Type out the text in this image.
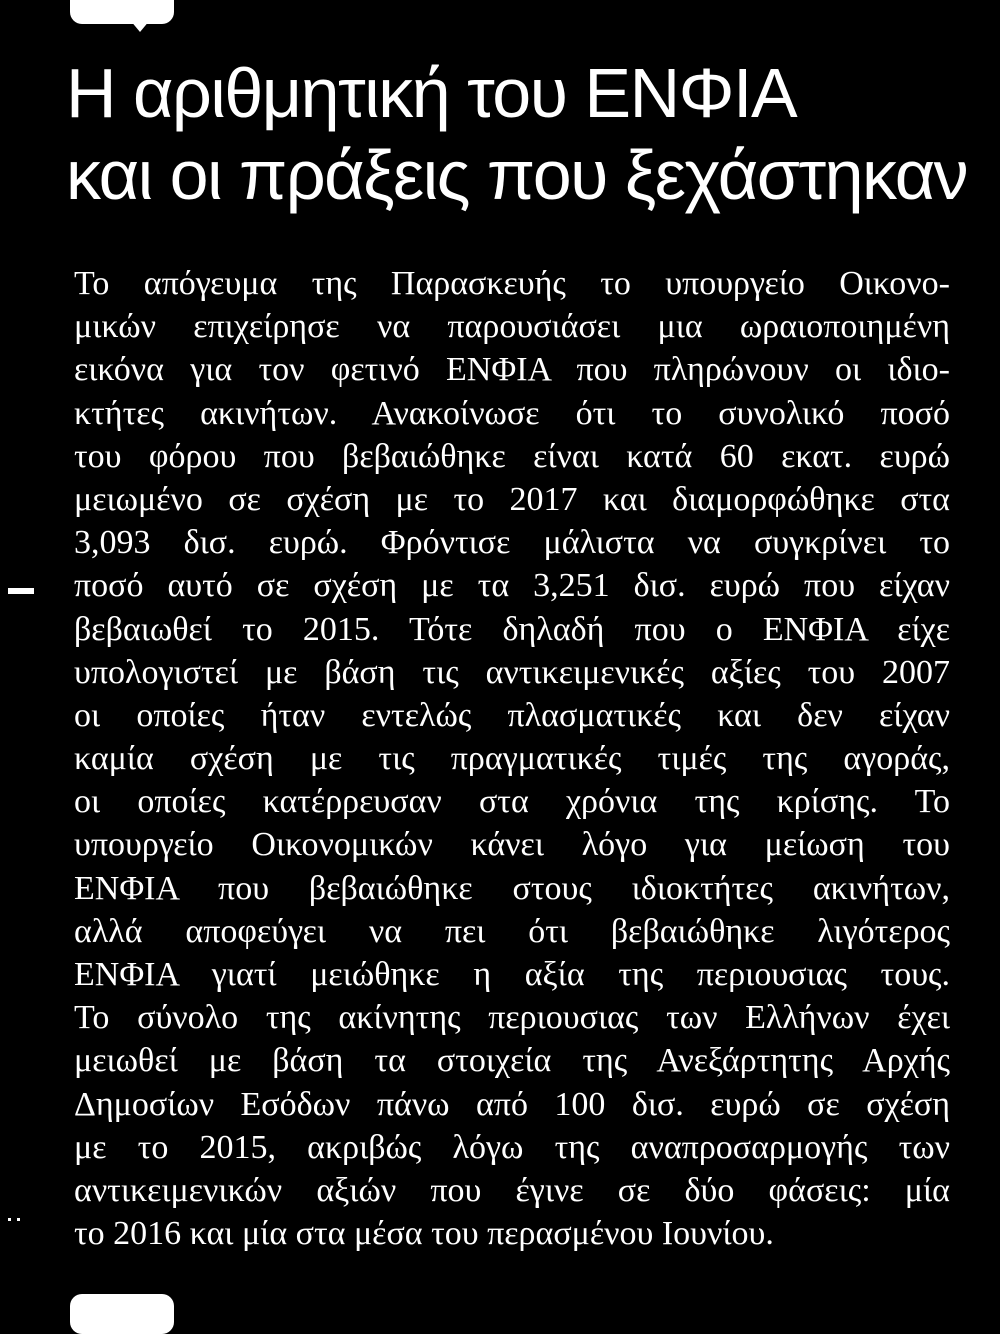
Η αριθμητική του ΕΝΦΙΑ
και οι πράξεις που ξεχάστηκαν
Το απόγευμα της Παρασκευής το υπουργείο Οικονο-
μικών επιχείρησε να παρουσιάσει μια ωραιοποιημένη
εικόνα για τον φετινό ΕΝΦΙΑ που πληρώνουν οι ιδιο-
κτήτες ακινήτων. Ανακοίνωσε ότι το συνολικό ποσό
του φόρου που βεβαιώθηκε είναι κατά 60 εκατ. ευρώ
μειωμένο σε σχέση με το 2017 και διαμορφώθηκε στα
3,093 δισ. ευρώ. Φρόντισε μάλιστα να συγκρίνει το
ποσό αυτό σε σχέση με τα 3,251 δισ. ευρώ που είχαν
βεβαιωθεί το 2015. Τότε δηλαδή που ο ΕΝΦΙΑ είχε
υπολογιστεί με βάση τις αντικειμενικές αξίες του 2007
οι οποίες ήταν εντελώς πλασματικές και δεν είχαν
καμία σχέση με τις πραγματικές τιμές της αγοράς,
οι οποίες κατέρρευσαν στα χρόνια της κρίσης. Το
υπουργείο Οικονομικών κάνει λόγο για μείωση του
ΕΝΦΙΑ που βεβαιώθηκε στους ιδιοκτήτες ακινήτων,
αλλά αποφεύγει να πει ότι βεβαιώθηκε λιγότερος
ΕΝΦΙΑ γιατί μειώθηκε η αξία της περιουσιας τους.
Το σύνολο της ακίνητης περιουσιας των Ελλήνων έχει
μειωθεί με βάση τα στοιχεία της Ανεξάρτητης Αρχής
Δημοσίων Εσόδων πάνω από 100 δισ. ευρώ σε σχέση
με το 2015, ακριβώς λόγω της αναπροσαρμογής των
αντικειμενικών αξιών που έγινε σε δύο φάσεις: μία
το 2016 και μία στα μέσα του περασμένου Ιουνίου.
